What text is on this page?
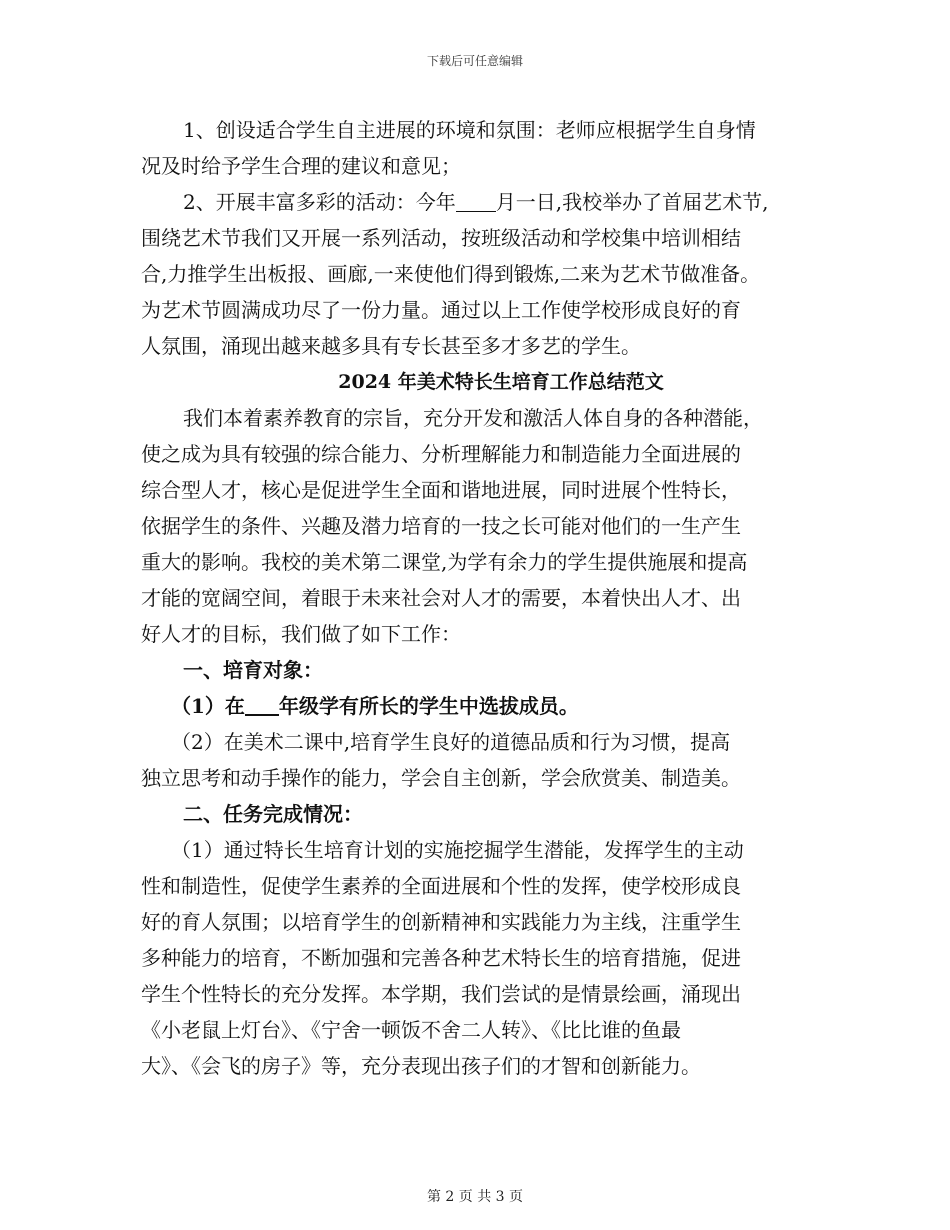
下载后可任意编辑
1、创设适合学生自主进展的环境和氛围：老师应根据学生自身情
况及时给予学生合理的建议和意见；
2、开展丰富多彩的活动：今年 月一日,我校举办了首届艺术节,
围绕艺术节我们又开展一系列活动，按班级活动和学校集中培训相结
合,力推学生出板报、画廊,一来使他们得到锻炼,二来为艺术节做准备。
为艺术节圆满成功尽了一份力量。通过以上工作使学校形成良好的育
人氛围，涌现出越来越多具有专长甚至多才多艺的学生。
2024 年美术特长生培育工作总结范文
我们本着素养教育的宗旨，充分开发和激活人体自身的各种潜能，
使之成为具有较强的综合能力、分析理解能力和制造能力全面进展的
综合型人才，核心是促进学生全面和谐地进展，同时进展个性特长，
依据学生的条件、兴趣及潜力培育的一技之长可能对他们的一生产生
重大的影响。我校的美术第二课堂,为学有余力的学生提供施展和提高
才能的宽阔空间，着眼于未来社会对人才的需要，本着快出人才、出
好人才的目标，我们做了如下工作：
一、培育对象：
（1）在 年级学有所长的学生中选拔成员。
（2）在美术二课中,培育学生良好的道德品质和行为习惯，提高
独立思考和动手操作的能力，学会自主创新，学会欣赏美、制造美。
二、任务完成情况：
（1）通过特长生培育计划的实施挖掘学生潜能，发挥学生的主动
性和制造性，促使学生素养的全面进展和个性的发挥，使学校形成良
好的育人氛围；以培育学生的创新精神和实践能力为主线，注重学生
多种能力的培育，不断加强和完善各种艺术特长生的培育措施，促进
学生个性特长的充分发挥。本学期，我们尝试的是情景绘画，涌现出
《小老鼠上灯台》、《宁舍一顿饭不舍二人转》、《比比谁的鱼最
大》、《会飞的房子》等，充分表现出孩子们的才智和创新能力。
第 2 页 共 3 页
